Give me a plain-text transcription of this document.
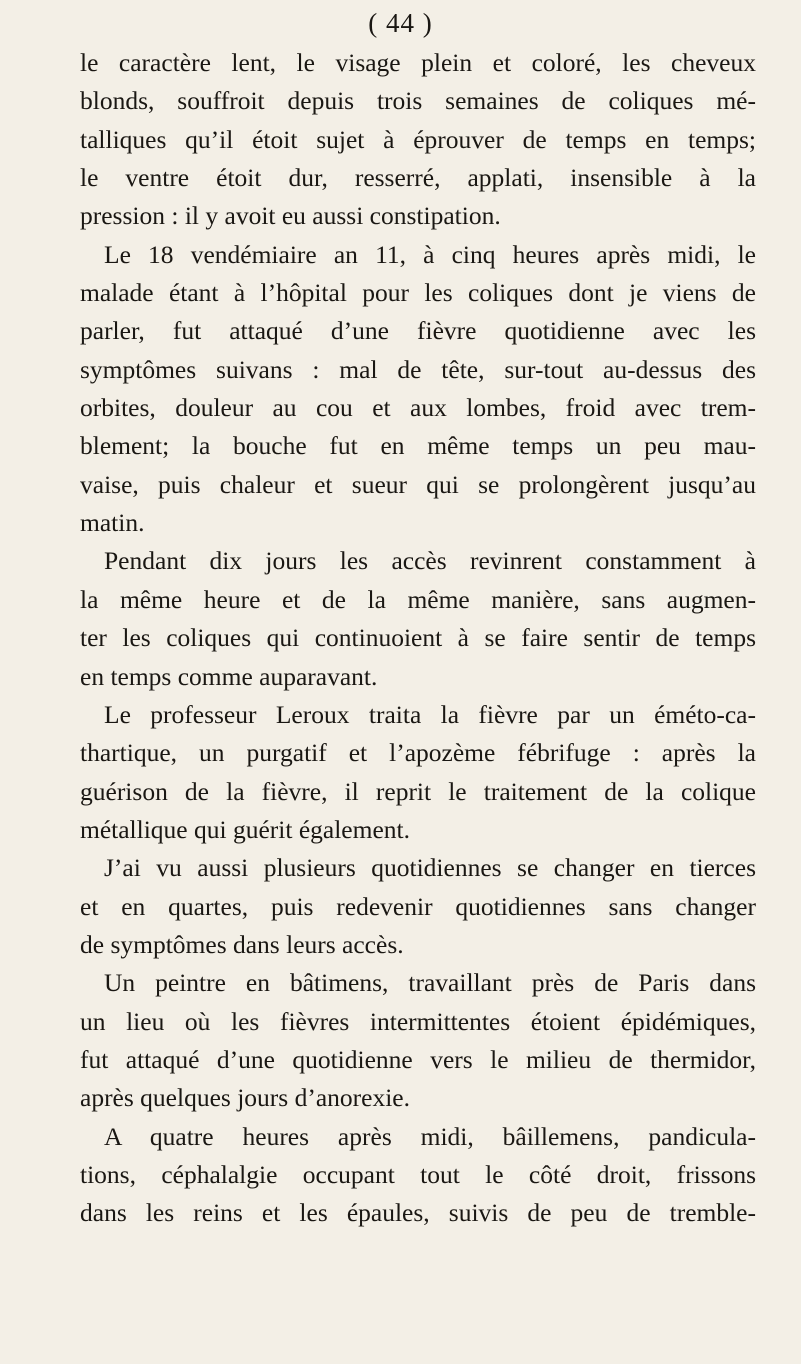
( 44 )
le caractère lent, le visage plein et coloré, les cheveux
blonds, souffroit depuis trois semaines de coliques mé-
talliques qu’il étoit sujet à éprouver de temps en temps;
le ventre étoit dur, resserré, applati, insensible à la
pression : il y avoit eu aussi constipation.
Le 18 vendémiaire an 11, à cinq heures après midi, le
malade étant à l’hôpital pour les coliques dont je viens de
parler, fut attaqué d’une fièvre quotidienne avec les
symptômes suivans : mal de tête, sur-tout au-dessus des
orbites, douleur au cou et aux lombes, froid avec trem-
blement; la bouche fut en même temps un peu mau-
vaise, puis chaleur et sueur qui se prolongèrent jusqu’au
matin.
Pendant dix jours les accès revinrent constamment à
la même heure et de la même manière, sans augmen-
ter les coliques qui continuoient à se faire sentir de temps
en temps comme auparavant.
Le professeur Leroux traita la fièvre par un éméto-ca-
thartique, un purgatif et l’apozème fébrifuge : après la
guérison de la fièvre, il reprit le traitement de la colique
métallique qui guérit également.
J’ai vu aussi plusieurs quotidiennes se changer en tierces
et en quartes, puis redevenir quotidiennes sans changer
de symptômes dans leurs accès.
Un peintre en bâtimens, travaillant près de Paris dans
un lieu où les fièvres intermittentes étoient épidémiques,
fut attaqué d’une quotidienne vers le milieu de thermidor,
après quelques jours d’anorexie.
A quatre heures après midi, bâillemens, pandicula-
tions, céphalalgie occupant tout le côté droit, frissons
dans les reins et les épaules, suivis de peu de tremble-
